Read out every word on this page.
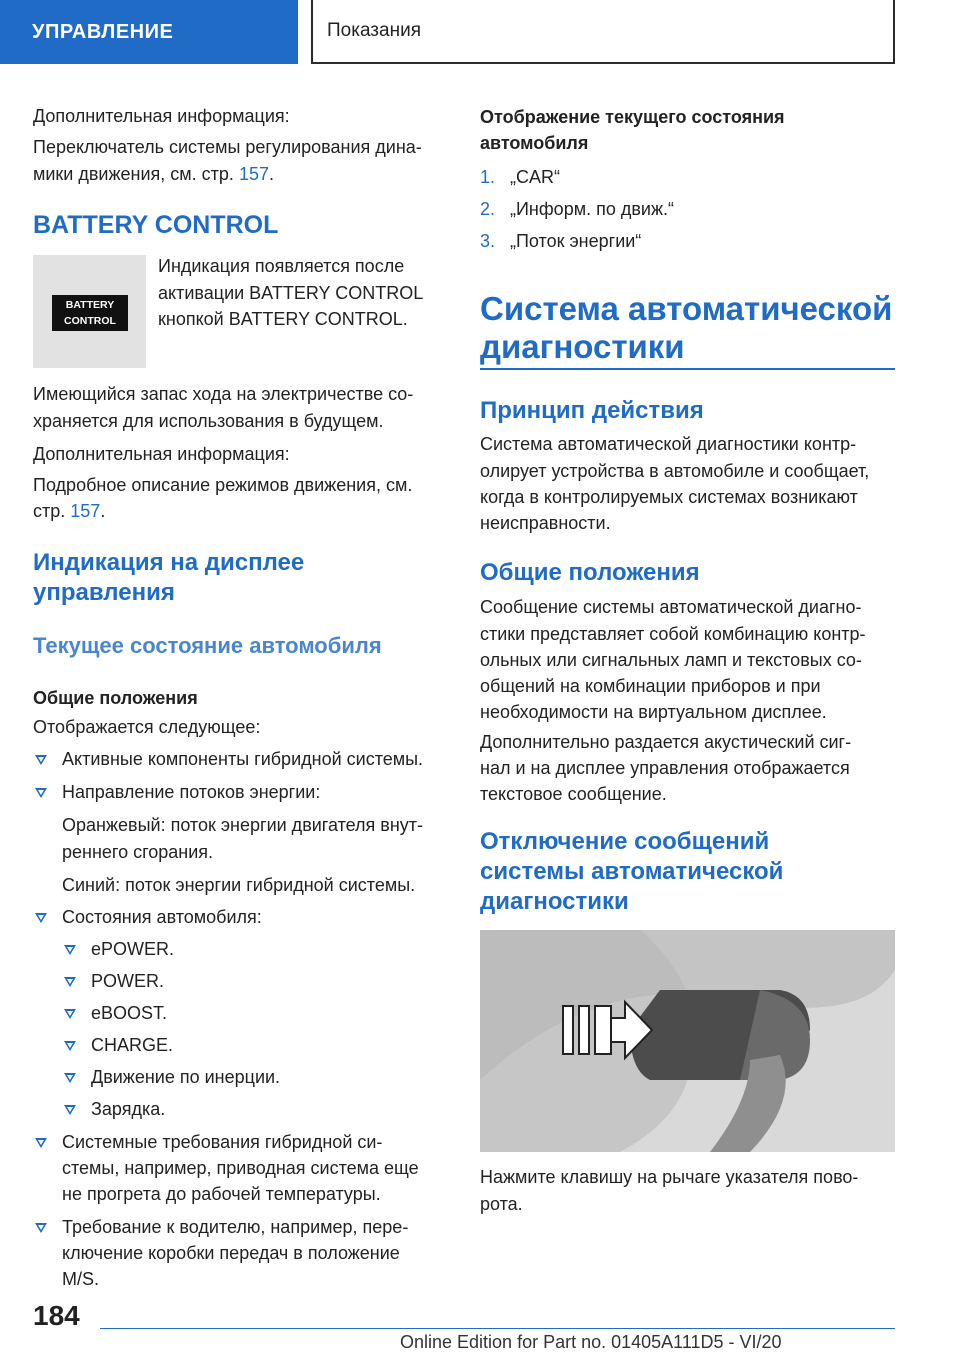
УПРАВЛЕНИЕ	Показания
Дополнительная информация:
Переключатель системы регулирования дина-
мики движения, см. стр. 157.
BATTERY CONTROL
BATTERY
CONTROL
Индикация появляется после
активации BATTERY CONTROL
кнопкой BATTERY CONTROL.
Имеющийся запас хода на электричестве со-
храняется для использования в будущем.
Дополнительная информация:
Подробное описание режимов движения, см.
стр. 157.
Индикация на дисплее
управления
Текущее состояние автомобиля
Общие положения
Отображается следующее:
Активные компоненты гибридной системы.
Направление потоков энергии:
Оранжевый: поток энергии двигателя внут-
реннего сгорания.
Синий: поток энергии гибридной системы.
Состояния автомобиля:
ePOWER.
POWER.
eBOOST.
CHARGE.
Движение по инерции.
Зарядка.
Системные требования гибридной си-
стемы, например, приводная система еще
не прогрета до рабочей температуры.
Требование к водителю, например, пере-
ключение коробки передач в положение
M/S.
Отображение текущего состояния
автомобиля
1. „CAR“
2. „Информ. по движ.“
3. „Поток энергии“
Система автоматической
диагностики
Принцип действия
Система автоматической диагностики контр-
олирует устройства в автомобиле и сообщает,
когда в контролируемых системах возникают
неисправности.
Общие положения
Сообщение системы автоматической диагно-
стики представляет собой комбинацию контр-
ольных или сигнальных ламп и текстовых со-
общений на комбинации приборов и при
необходимости на виртуальном дисплее.
Дополнительно раздается акустический сиг-
нал и на дисплее управления отображается
текстовое сообщение.
Отключение сообщений
системы автоматической
диагностики
Нажмите клавишу на рычаге указателя пово-
рота.
184
Online Edition for Part no. 01405A111D5 - VI/20
